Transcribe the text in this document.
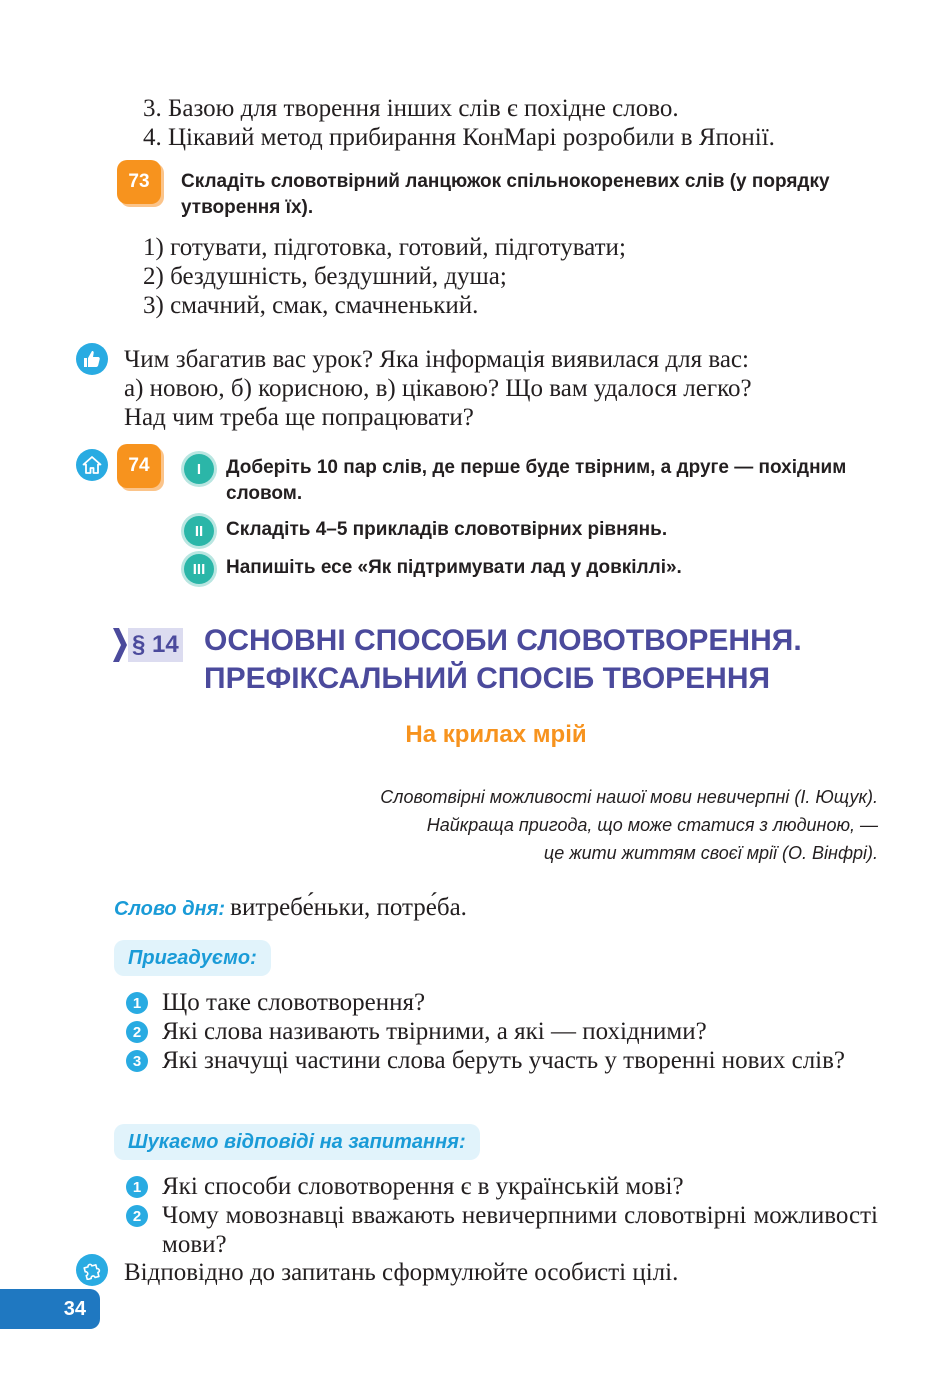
3. Базою для творення інших слів є похідне слово.
4. Цікавий метод прибирання КонМарі розробили в Японії.
73	Складіть словотвірний ланцюжок спільнокореневих слів (у порядку утворення їх).
1) готувати, підготовка, готовий, підготувати;
2) бездушність, бездушний, душа;
3) смачний, смак, смачненький.
Чим збагатив вас урок? Яка інформація виявилася для вас:
а) новою, б) корисною, в) цікавою? Що вам удалося легко?
Над чим треба ще попрацювати?
74	I	Доберіть 10 пар слів, де перше буде твірним, а друге — похідним словом.
II	Складіть 4–5 прикладів словотвірних рівнянь.
III	Напишіть есе «Як підтримувати лад у довкіллі».
§ 14 ОСНОВНІ СПОСОБИ СЛОВОТВОРЕННЯ.
ПРЕФІКСАЛЬНИЙ СПОСІБ ТВОРЕННЯ
На крилах мрій
Словотвірні можливості нашої мови невичерпні (І. Ющук).
Найкраща пригода, що може статися з людиною, —
це жити життям своєї мрії (О. Вінфрі).
Слово дня: витребе́ньки, потре́ба.
Пригадуємо:
1 Що таке словотворення?
2 Які слова називають твірними, а які — похідними?
3 Які значущі частини слова беруть участь у творенні нових слів?
Шукаємо відповіді на запитання:
1 Які способи словотворення є в українській мові?
2 Чому мовознавці вважають невичерпними словотвірні можливості мови?
Відповідно до запитань сформулюйте особисті цілі.
34
